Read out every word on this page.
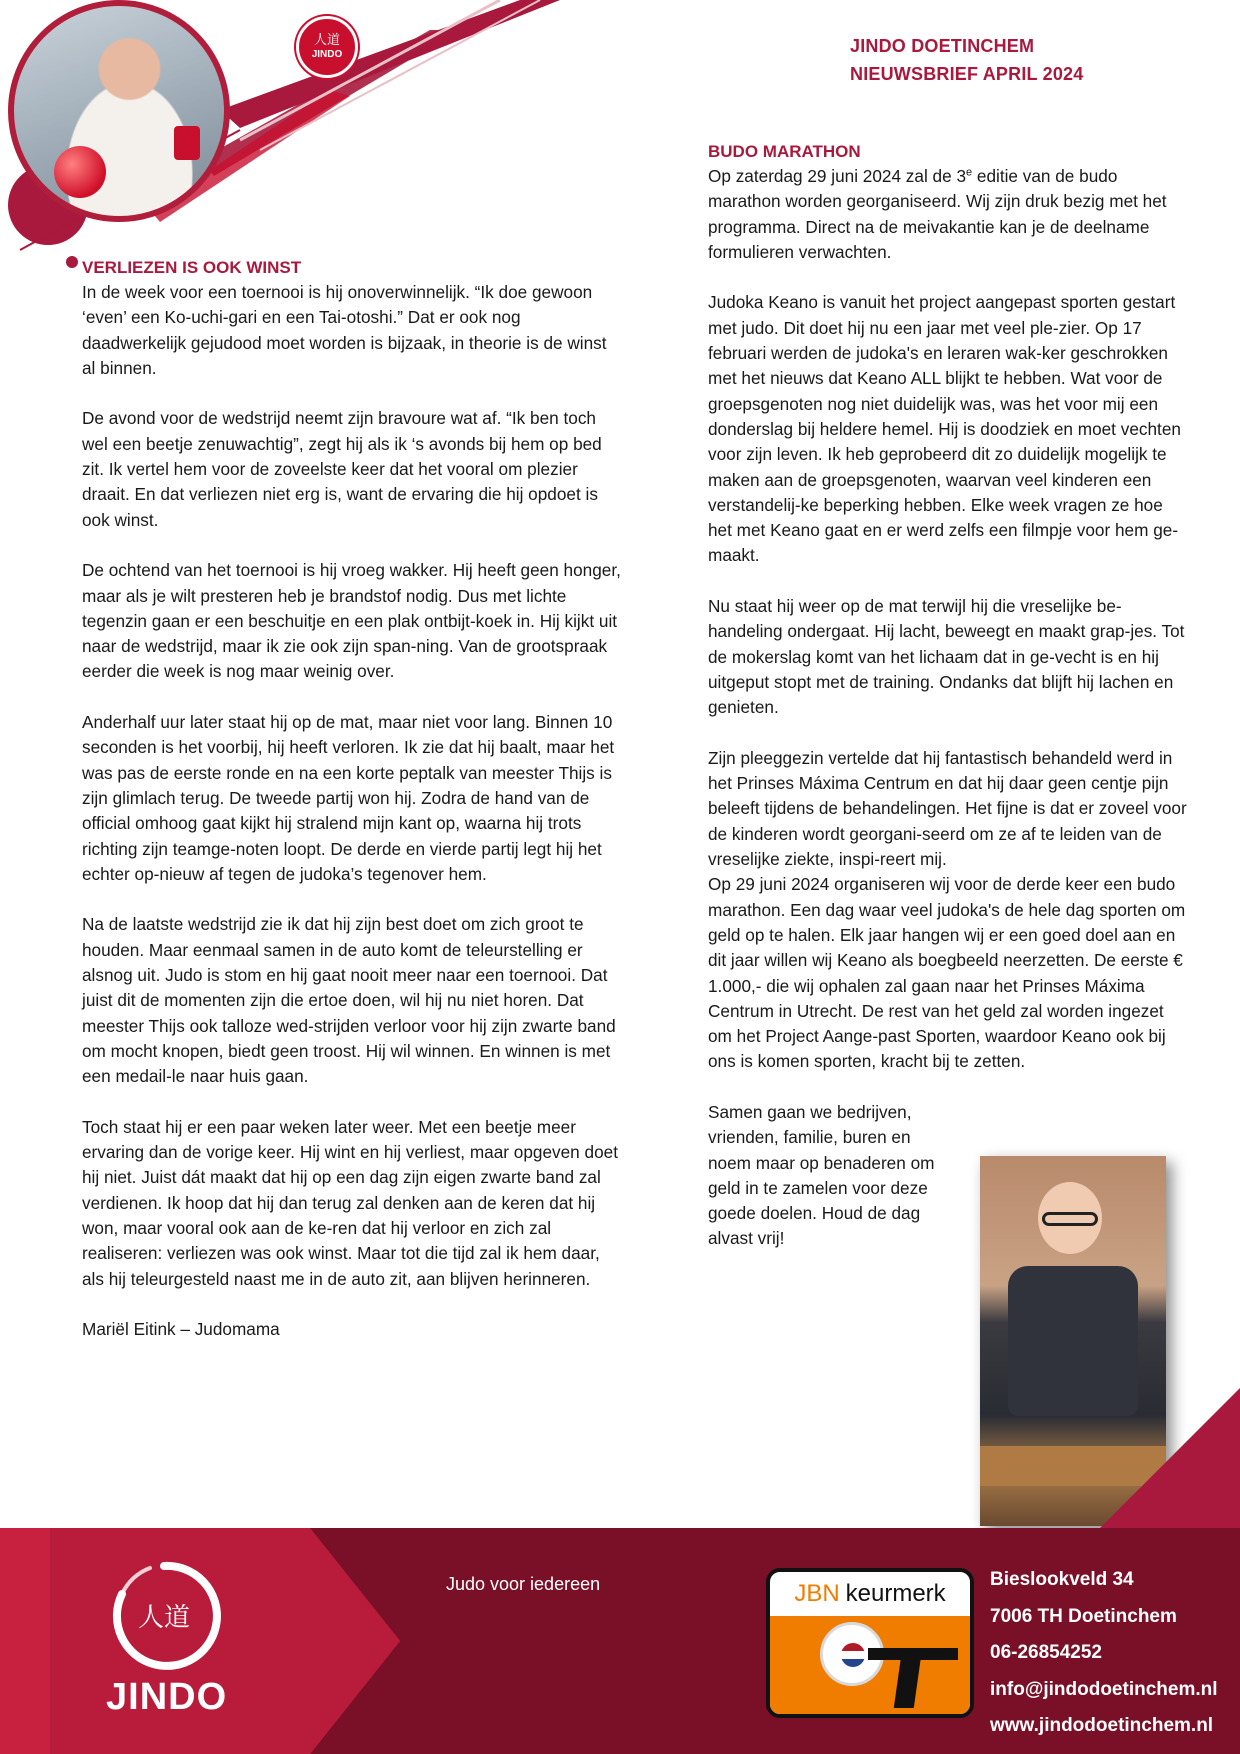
人道
JINDO	JINDO DOETINCHEM
NIEUWSBRIEF APRIL 2024
VERLIEZEN IS OOK WINST

In de week voor een toernooi is hij onoverwinnelijk. “Ik doe gewoon ‘even’ een Ko-uchi-gari en een Tai-otoshi.” Dat er ook nog daadwerkelijk gejudood moet worden is bijzaak, in theorie is de winst al binnen.

De avond voor de wedstrijd neemt zijn bravoure wat af. “Ik ben toch wel een beetje zenuwachtig”, zegt hij als ik ‘s avonds bij hem op bed zit. Ik vertel hem voor de zoveelste keer dat het vooral om plezier draait. En dat verliezen niet erg is, want de ervaring die hij opdoet is ook winst.

De ochtend van het toernooi is hij vroeg wakker. Hij heeft geen honger, maar als je wilt presteren heb je brandstof nodig. Dus met lichte tegenzin gaan er een beschuitje en een plak ontbijt-koek in. Hij kijkt uit naar de wedstrijd, maar ik zie ook zijn span-ning. Van de grootspraak eerder die week is nog maar weinig over.

Anderhalf uur later staat hij op de mat, maar niet voor lang. Binnen 10 seconden is het voorbij, hij heeft verloren. Ik zie dat hij baalt, maar het was pas de eerste ronde en na een korte peptalk van meester Thijs is zijn glimlach terug. De tweede partij won hij. Zodra de hand van de official omhoog gaat kijkt hij stralend mijn kant op, waarna hij trots richting zijn teamge-noten loopt. De derde en vierde partij legt hij het echter op-nieuw af tegen de judoka’s tegenover hem.

Na de laatste wedstrijd zie ik dat hij zijn best doet om zich groot te houden. Maar eenmaal samen in de auto komt de teleurstelling er alsnog uit. Judo is stom en hij gaat nooit meer naar een toernooi. Dat juist dit de momenten zijn die ertoe doen, wil hij nu niet horen. Dat meester Thijs ook talloze wed-strijden verloor voor hij zijn zwarte band om mocht knopen, biedt geen troost. Hij wil winnen. En winnen is met een medail-le naar huis gaan.

Toch staat hij er een paar weken later weer. Met een beetje meer ervaring dan de vorige keer. Hij wint en hij verliest, maar opgeven doet hij niet. Juist dát maakt dat hij op een dag zijn eigen zwarte band zal verdienen. Ik hoop dat hij dan terug zal denken aan de keren dat hij won, maar vooral ook aan de ke-ren dat hij verloor en zich zal realiseren: verliezen was ook winst. Maar tot die tijd zal ik hem daar, als hij teleurgesteld naast me in de auto zit, aan blijven herinneren.

Mariël Eitink – Judomama

BUDO MARATHON

Op zaterdag 29 juni 2024 zal de 3e editie van de budo marathon worden georganiseerd. Wij zijn druk bezig met het programma. Direct na de meivakantie kan je de deelname formulieren verwachten.

Judoka Keano is vanuit het project aangepast sporten gestart met judo. Dit doet hij nu een jaar met veel ple-zier. Op 17 februari werden de judoka's en leraren wak-ker geschrokken met het nieuws dat Keano ALL blijkt te hebben. Wat voor de groepsgenoten nog niet duidelijk was, was het voor mij een donderslag bij heldere hemel. Hij is doodziek en moet vechten voor zijn leven. Ik heb geprobeerd dit zo duidelijk mogelijk te maken aan de groepsgenoten, waarvan veel kinderen een verstandelij-ke beperking hebben. Elke week vragen ze hoe het met Keano gaat en er werd zelfs een filmpje voor hem ge-maakt.

Nu staat hij weer op de mat terwijl hij die vreselijke be-handeling ondergaat. Hij lacht, beweegt en maakt grap-jes. Tot de mokerslag komt van het lichaam dat in ge-vecht is en hij uitgeput stopt met de training. Ondanks dat blijft hij lachen en genieten.

Zijn pleeggezin vertelde dat hij fantastisch behandeld werd in het Prinses Máxima Centrum en dat hij daar geen centje pijn beleeft tijdens de behandelingen. Het fijne is dat er zoveel voor de kinderen wordt georgani-seerd om ze af te leiden van de vreselijke ziekte, inspi-reert mij.

Op 29 juni 2024 organiseren wij voor de derde keer een budo marathon. Een dag waar veel judoka's de hele dag sporten om geld op te halen. Elk jaar hangen wij er een goed doel aan en dit jaar willen wij Keano als boegbeeld neerzetten. De eerste € 1.000,- die wij ophalen zal gaan naar het Prinses Máxima Centrum in Utrecht. De rest van het geld zal worden ingezet om het Project Aange-past Sporten, waardoor Keano ook bij ons is komen sporten, kracht bij te zetten.

Samen gaan we bedrijven, vrienden, familie, buren en noem maar op benaderen om geld in te zamelen voor deze goede doelen. Houd de dag alvast vrij!

人道
JINDO
Judo voor iedereen	JBN keurmerk
Bieslookveld 34
7006 TH Doetinchem
06-26854252
info@jindodoetinchem.nl
www.jindodoetinchem.nl
